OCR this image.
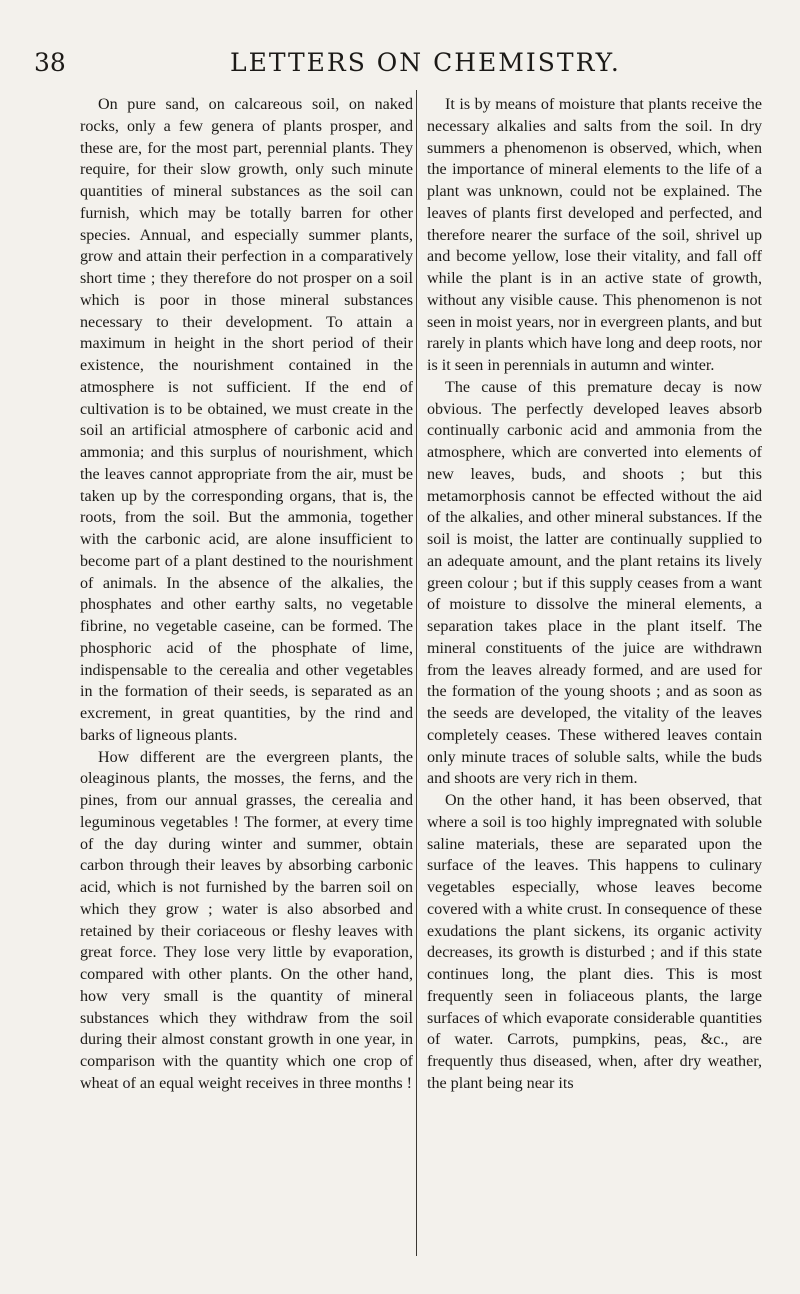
38	LETTERS ON CHEMISTRY.

On pure sand, on calcareous soil, on naked rocks, only a few genera of plants prosper, and these are, for the most part, perennial plants. They require, for their slow growth, only such minute quantities of mineral substances as the soil can furnish, which may be totally barren for other species. Annual, and especially summer plants, grow and attain their perfection in a comparatively short time ; they therefore do not prosper on a soil which is poor in those mineral substances necessary to their development. To attain a maximum in height in the short period of their existence, the nourishment contained in the atmosphere is not sufficient. If the end of cultivation is to be obtained, we must create in the soil an artificial atmosphere of carbonic acid and ammonia; and this surplus of nourishment, which the leaves cannot appropriate from the air, must be taken up by the corresponding organs, that is, the roots, from the soil. But the ammonia, together with the carbonic acid, are alone insufficient to become part of a plant destined to the nourishment of animals. In the absence of the alkalies, the phosphates and other earthy salts, no vegetable fibrine, no vegetable caseine, can be formed. The phosphoric acid of the phosphate of lime, indispensable to the cerealia and other vegetables in the formation of their seeds, is separated as an excrement, in great quantities, by the rind and barks of ligneous plants.

How different are the evergreen plants, the oleaginous plants, the mosses, the ferns, and the pines, from our annual grasses, the cerealia and leguminous vegetables ! The former, at every time of the day during winter and summer, obtain carbon through their leaves by absorbing carbonic acid, which is not furnished by the barren soil on which they grow ; water is also absorbed and retained by their coriaceous or fleshy leaves with great force. They lose very little by evaporation, compared with other plants. On the other hand, how very small is the quantity of mineral substances which they withdraw from the soil during their almost constant growth in one year, in comparison with the quantity which one crop of wheat of an equal weight receives in three months !

It is by means of moisture that plants receive the necessary alkalies and salts from the soil. In dry summers a phenomenon is observed, which, when the importance of mineral elements to the life of a plant was unknown, could not be explained. The leaves of plants first developed and perfected, and therefore nearer the surface of the soil, shrivel up and become yellow, lose their vitality, and fall off while the plant is in an active state of growth, without any visible cause. This phenomenon is not seen in moist years, nor in evergreen plants, and but rarely in plants which have long and deep roots, nor is it seen in perennials in autumn and winter.

The cause of this premature decay is now obvious. The perfectly developed leaves absorb continually carbonic acid and ammonia from the atmosphere, which are converted into elements of new leaves, buds, and shoots ; but this metamorphosis cannot be effected without the aid of the alkalies, and other mineral substances. If the soil is moist, the latter are continually supplied to an adequate amount, and the plant retains its lively green colour ; but if this supply ceases from a want of moisture to dissolve the mineral elements, a separation takes place in the plant itself. The mineral constituents of the juice are withdrawn from the leaves already formed, and are used for the formation of the young shoots ; and as soon as the seeds are developed, the vitality of the leaves completely ceases. These withered leaves contain only minute traces of soluble salts, while the buds and shoots are very rich in them.

On the other hand, it has been observed, that where a soil is too highly impregnated with soluble saline materials, these are separated upon the surface of the leaves. This happens to culinary vegetables especially, whose leaves become covered with a white crust. In consequence of these exudations the plant sickens, its organic activity decreases, its growth is disturbed ; and if this state continues long, the plant dies. This is most frequently seen in foliaceous plants, the large surfaces of which evaporate considerable quantities of water. Carrots, pumpkins, peas, &c., are frequently thus diseased, when, after dry weather, the plant being near its
